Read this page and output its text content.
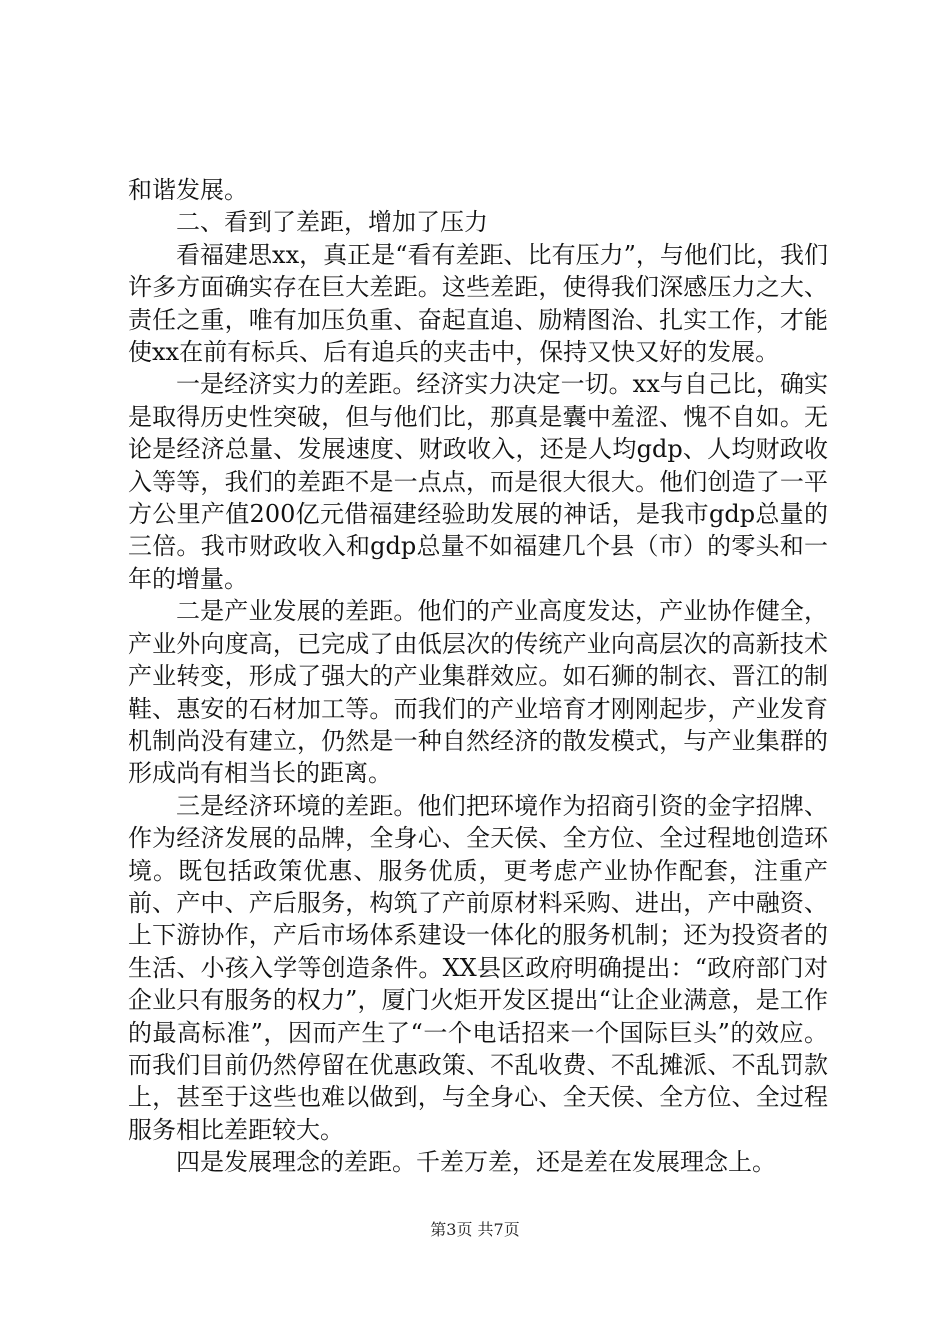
和谐发展。

二、看到了差距，增加了压力

看福建思xx，真正是“看有差距、比有压力”，与他们比，我们许多方面确实存在巨大差距。这些差距，使得我们深感压力之大、责任之重，唯有加压负重、奋起直追、励精图治、扎实工作，才能使xx在前有标兵、后有追兵的夹击中，保持又快又好的发展。

一是经济实力的差距。经济实力决定一切。xx与自己比，确实是取得历史性突破，但与他们比，那真是囊中羞涩、愧不自如。无论是经济总量、发展速度、财政收入，还是人均gdp、人均财政收入等等，我们的差距不是一点点，而是很大很大。他们创造了一平方公里产值200亿元借福建经验助发展的神话，是我市gdp总量的三倍。我市财政收入和gdp总量不如福建几个县（市）的零头和一年的增量。

二是产业发展的差距。他们的产业高度发达，产业协作健全，产业外向度高，已完成了由低层次的传统产业向高层次的高新技术产业转变，形成了强大的产业集群效应。如石狮的制衣、晋江的制鞋、惠安的石材加工等。而我们的产业培育才刚刚起步，产业发育机制尚没有建立，仍然是一种自然经济的散发模式，与产业集群的形成尚有相当长的距离。

三是经济环境的差距。他们把环境作为招商引资的金字招牌、作为经济发展的品牌，全身心、全天侯、全方位、全过程地创造环境。既包括政策优惠、服务优质，更考虑产业协作配套，注重产前、产中、产后服务，构筑了产前原材料采购、进出，产中融资、上下游协作，产后市场体系建设一体化的服务机制；还为投资者的生活、小孩入学等创造条件。XX县区政府明确提出：“政府部门对企业只有服务的权力”，厦门火炬开发区提出“让企业满意，是工作的最高标准”，因而产生了“一个电话招来一个国际巨头”的效应。而我们目前仍然停留在优惠政策、不乱收费、不乱摊派、不乱罚款上，甚至于这些也难以做到，与全身心、全天侯、全方位、全过程服务相比差距较大。

四是发展理念的差距。千差万差，还是差在发展理念上。

第3页 共7页
